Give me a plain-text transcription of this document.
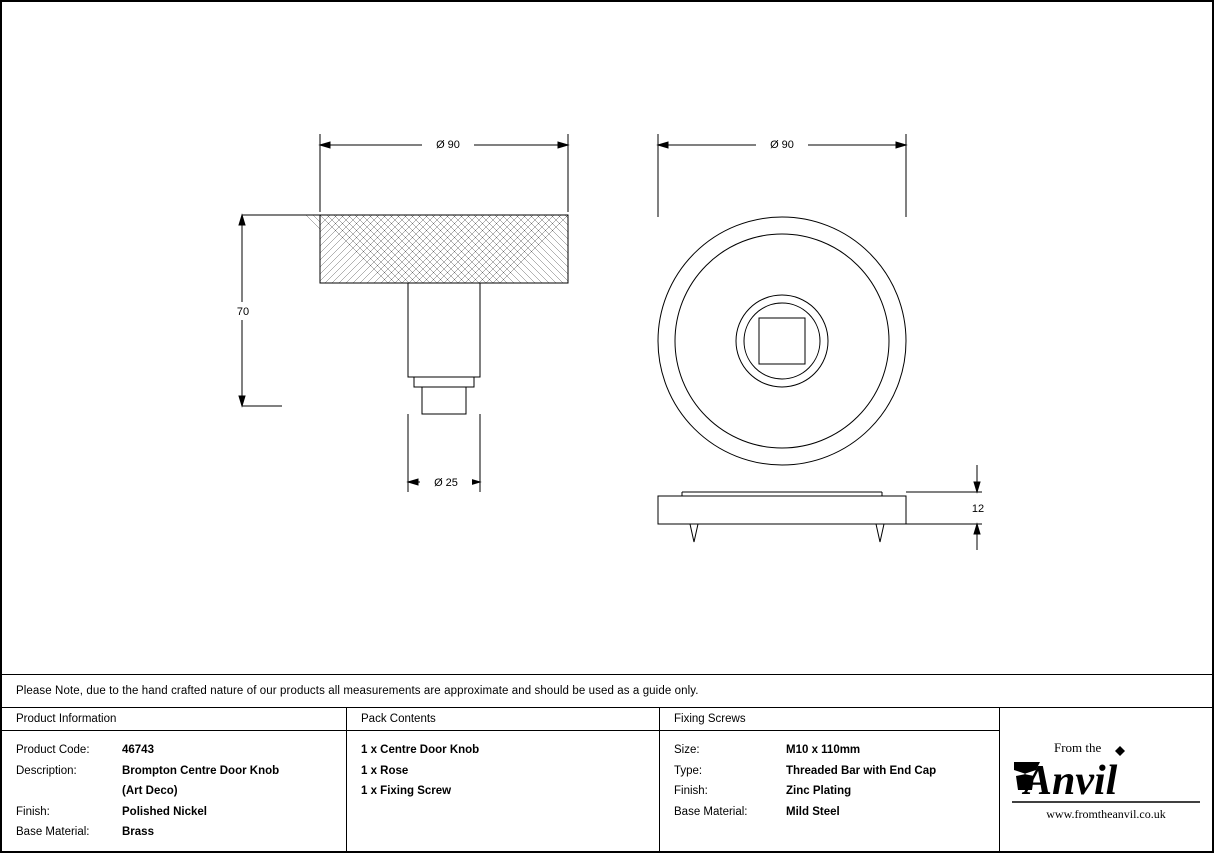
Ø 90
70
Ø 25
Ø 90
12
Please Note, due to the hand crafted nature of our products all measurements are approximate and should be used as a guide only.
Product Information
Product Code:	46743
Description:	Brompton Centre Door Knob
(Art Deco)
Finish:	Polished Nickel
Base Material:	Brass
Pack Contents
1 x Centre Door Knob
1 x Rose
1 x Fixing Screw
Fixing Screws
Size:	M10 x 110mm
Type:	Threaded Bar with End Cap
Finish:	Zinc Plating
Base Material:	Mild Steel
From the
Anvil
www.fromtheanvil.co.uk
